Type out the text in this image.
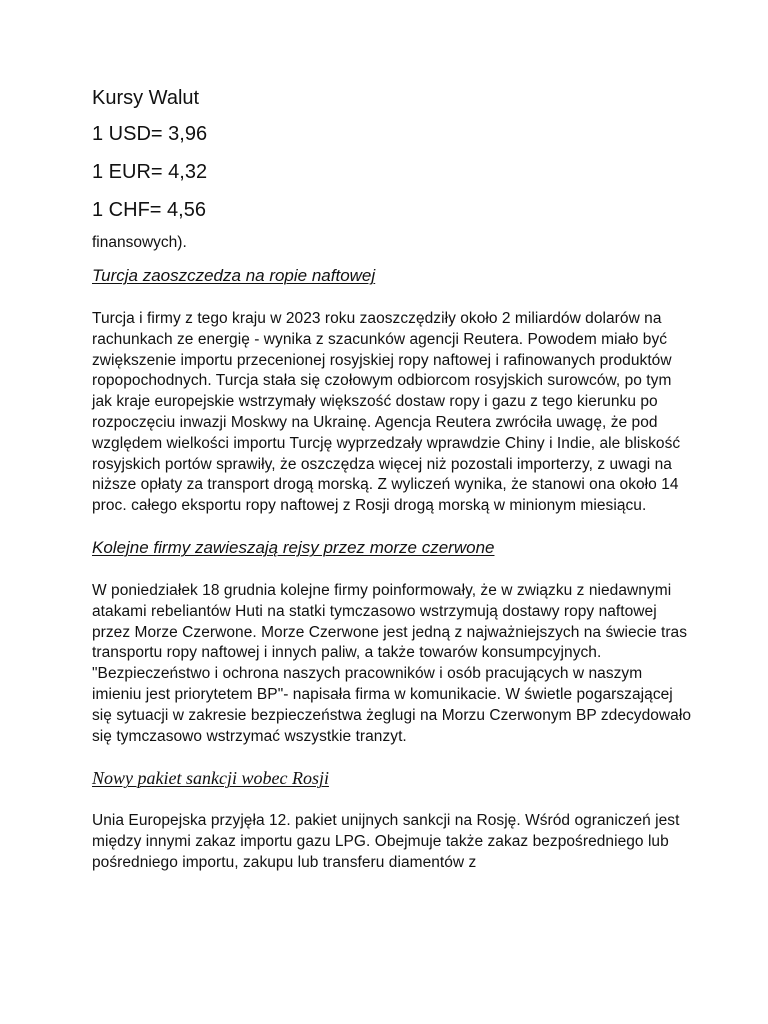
Kursy Walut
1 USD= 3,96
1 EUR= 4,32
1 CHF= 4,56
finansowych).
Turcja zaoszczedza na ropie naftowej

Turcja i firmy z tego kraju w 2023 roku zaoszczędziły około 2 miliardów dolarów na rachunkach ze energię - wynika z szacunków agencji Reutera. Powodem miało być zwiększenie importu przecenionej rosyjskiej ropy naftowej i rafinowanych produktów ropopochodnych. Turcja stała się czołowym odbiorcom rosyjskich surowców, po tym jak kraje europejskie wstrzymały większość dostaw ropy i gazu z tego kierunku po rozpoczęciu inwazji Moskwy na Ukrainę. Agencja Reutera zwróciła uwagę, że pod względem wielkości importu Turcję wyprzedzały wprawdzie Chiny i Indie, ale bliskość rosyjskich portów sprawiły, że oszczędza więcej niż pozostali importerzy, z uwagi na niższe opłaty za transport drogą morską. Z wyliczeń wynika, że stanowi ona około 14 proc. całego eksportu ropy naftowej z Rosji drogą morską w minionym miesiącu.

Kolejne firmy zawieszają rejsy przez morze czerwone

W poniedziałek 18 grudnia kolejne firmy poinformowały, że w związku z niedawnymi atakami rebeliantów Huti na statki tymczasowo wstrzymują dostawy ropy naftowej przez Morze Czerwone. Morze Czerwone jest jedną z najważniejszych na świecie tras transportu ropy naftowej i innych paliw, a także towarów konsumpcyjnych. "Bezpieczeństwo i ochrona naszych pracowników i osób pracujących w naszym imieniu jest priorytetem BP"- napisała firma w komunikacie. W świetle pogarszającej się sytuacji w zakresie bezpieczeństwa żeglugi na Morzu Czerwonym BP zdecydowało się tymczasowo wstrzymać wszystkie tranzyt.

Nowy pakiet sankcji wobec Rosji

Unia Europejska przyjęła 12. pakiet unijnych sankcji na Rosję. Wśród ograniczeń jest między innymi zakaz importu gazu LPG. Obejmuje także zakaz bezpośredniego lub pośredniego importu, zakupu lub transferu diamentów z
